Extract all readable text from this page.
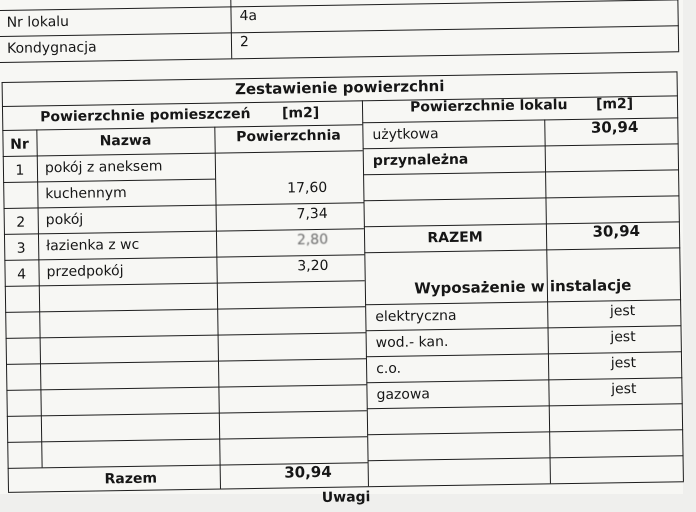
Nr lokalu	4a
Kondygnacja	2
Zestawienie powierzchni
Powierzchnie pomieszczeń [m2]
Nr	Nazwa	Powierzchnia
1	pokój z aneksem
kuchennym	17,60
2	pokój	7,34
3	łazienka z wc	2,80
4	przedpokój	3,20
Razem	30,94
Powierzchnie lokalu [m2]
użytkowa	30,94
przynależna
RAZEM	30,94
Wyposażenie w instalacje
elektryczna	jest
wod.- kan.	jest
c.o.	jest
gazowa	jest
Uwagi
